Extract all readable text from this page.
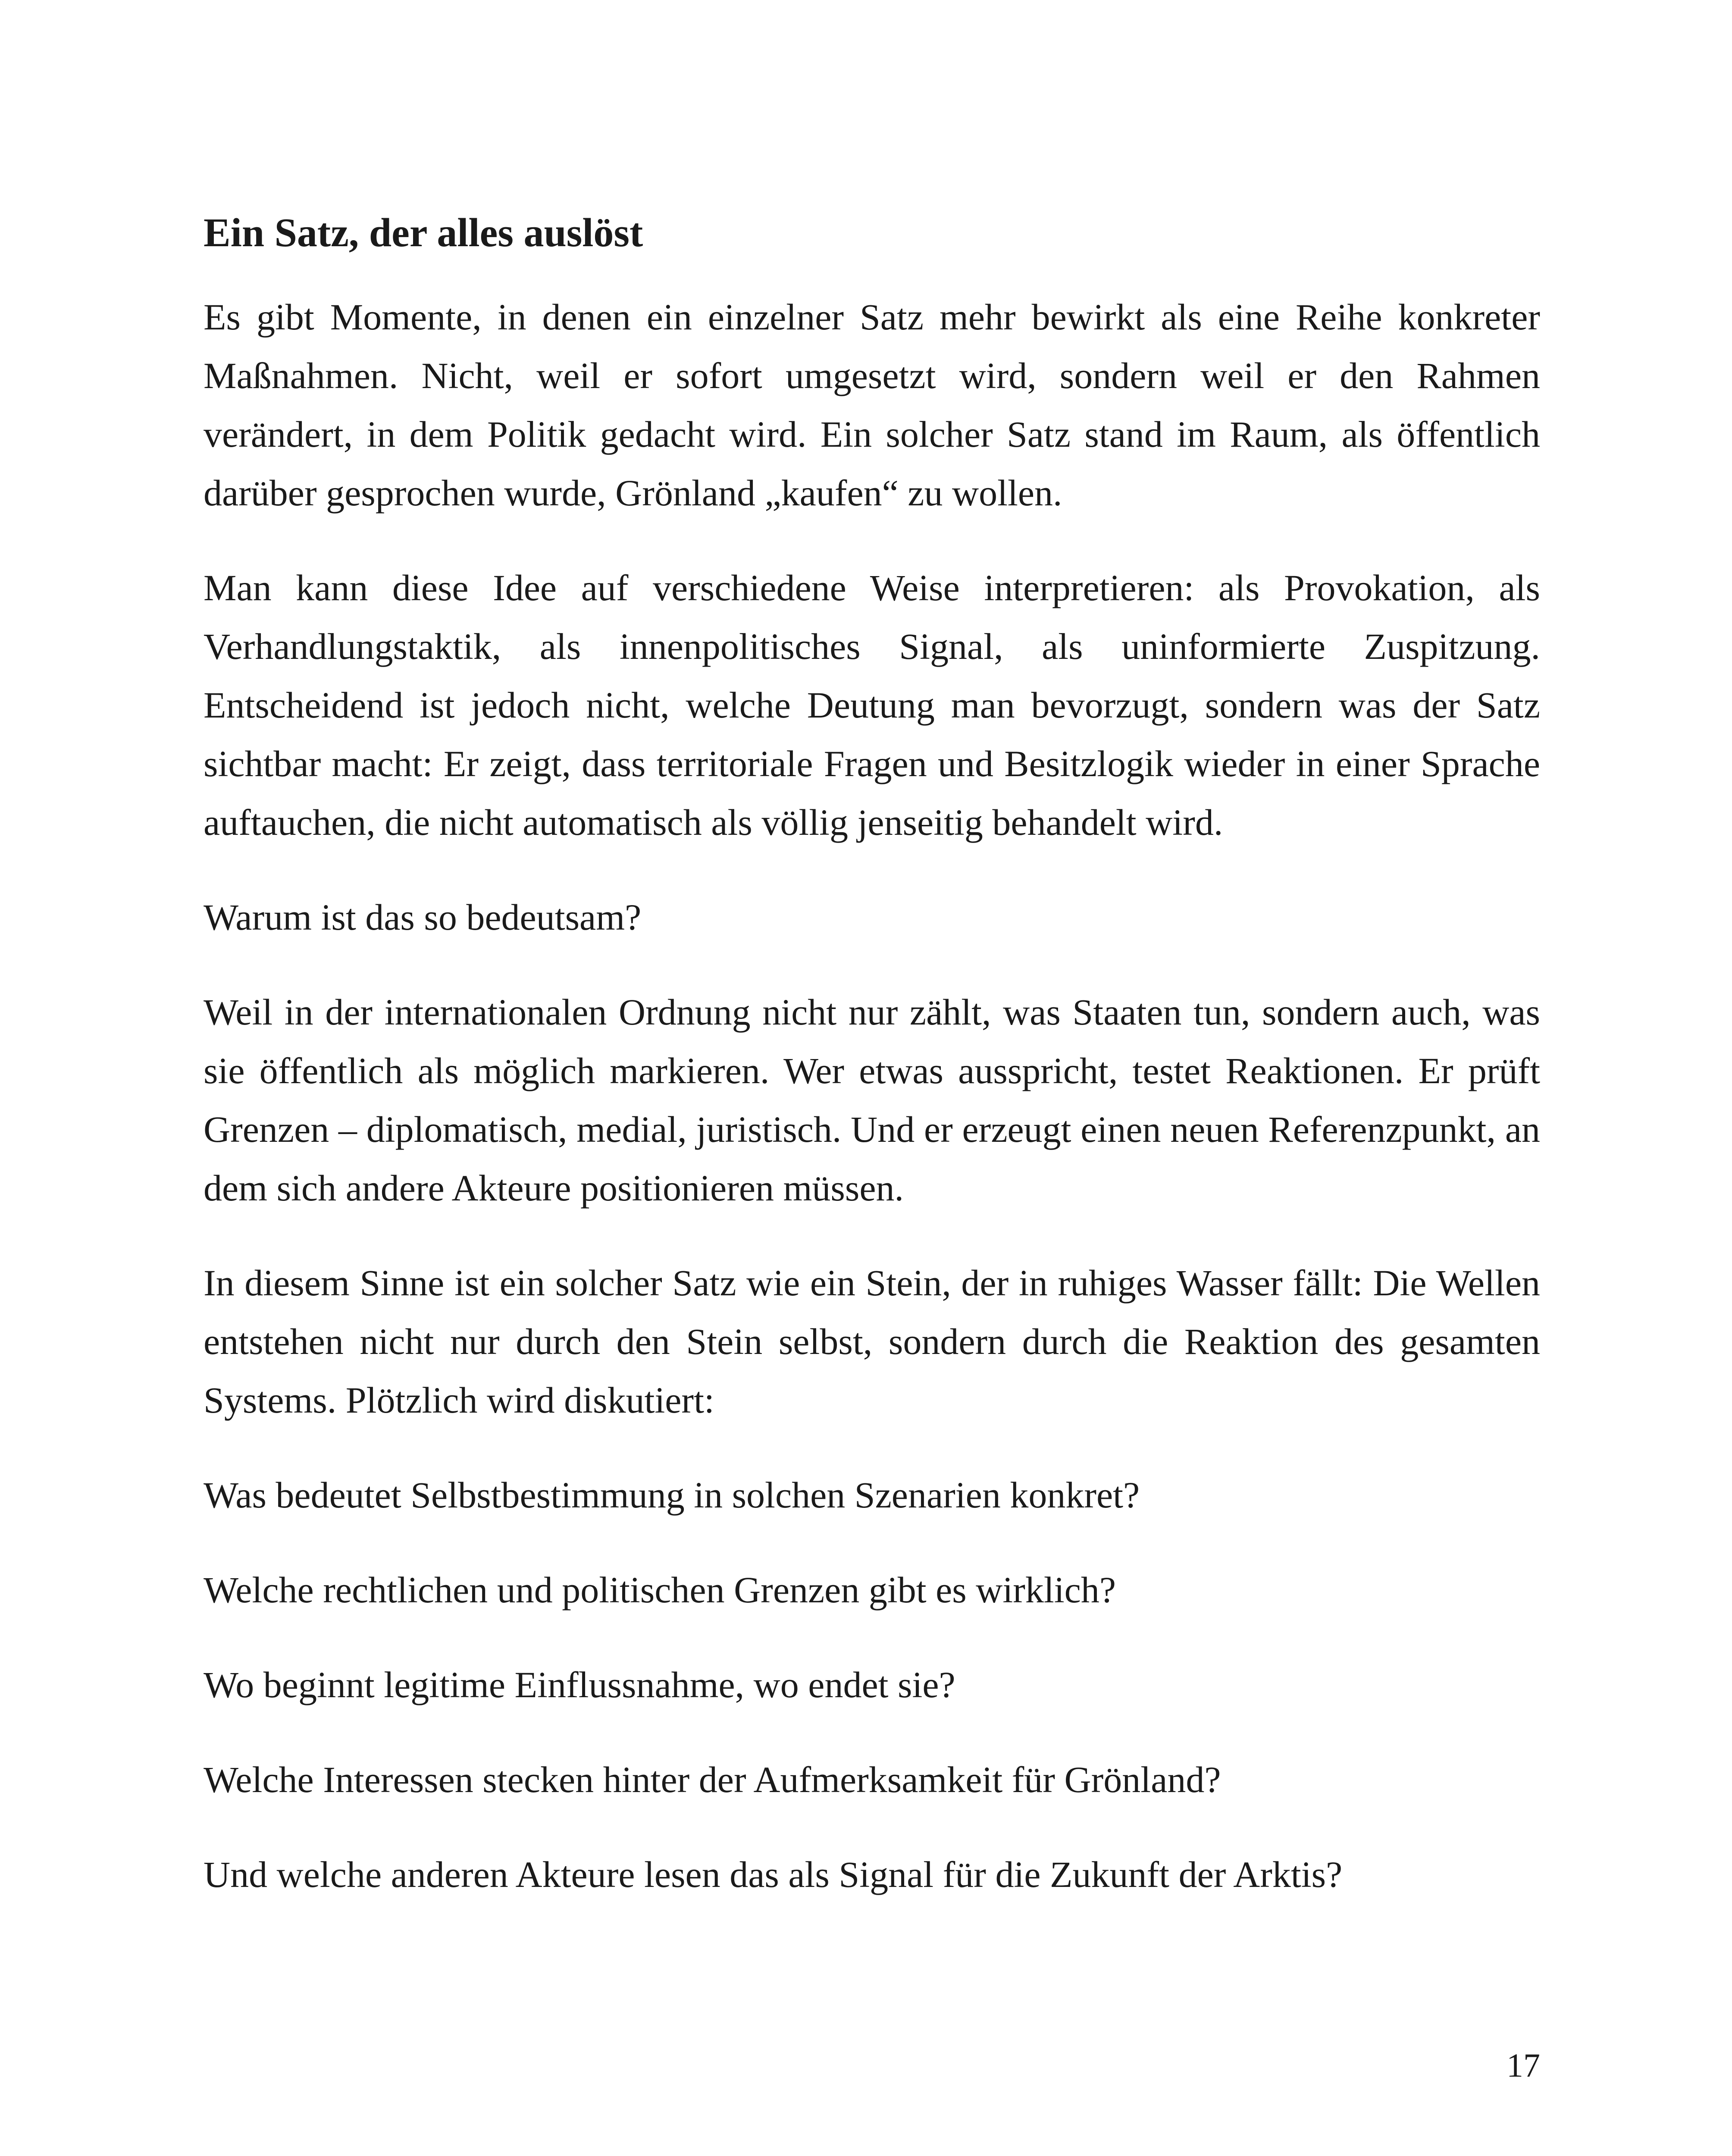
Ein Satz, der alles auslöst

Es gibt Momente, in denen ein einzelner Satz mehr bewirkt als eine Reihe konkreter Maßnahmen. Nicht, weil er sofort umgesetzt wird, sondern weil er den Rahmen verändert, in dem Politik gedacht wird. Ein solcher Satz stand im Raum, als öffentlich darüber gesprochen wurde, Grönland „kaufen“ zu wollen.

Man kann diese Idee auf verschiedene Weise interpretieren: als Provokation, als Verhandlungstaktik, als innenpolitisches Signal, als uninformierte Zuspitzung. Entscheidend ist jedoch nicht, welche Deutung man bevorzugt, sondern was der Satz sichtbar macht: Er zeigt, dass territoriale Fragen und Besitzlogik wieder in einer Sprache auftauchen, die nicht automatisch als völlig jenseitig behandelt wird.

Warum ist das so bedeutsam?

Weil in der internationalen Ordnung nicht nur zählt, was Staaten tun, sondern auch, was sie öffentlich als möglich markieren. Wer etwas ausspricht, testet Reaktionen. Er prüft Grenzen – diplomatisch, medial, juristisch. Und er erzeugt einen neuen Referenzpunkt, an dem sich andere Akteure positionieren müssen.

In diesem Sinne ist ein solcher Satz wie ein Stein, der in ruhiges Wasser fällt: Die Wellen entstehen nicht nur durch den Stein selbst, sondern durch die Reaktion des gesamten Systems. Plötzlich wird diskutiert:

Was bedeutet Selbstbestimmung in solchen Szenarien konkret?

Welche rechtlichen und politischen Grenzen gibt es wirklich?

Wo beginnt legitime Einflussnahme, wo endet sie?

Welche Interessen stecken hinter der Aufmerksamkeit für Grönland?

Und welche anderen Akteure lesen das als Signal für die Zukunft der Arktis?

17
